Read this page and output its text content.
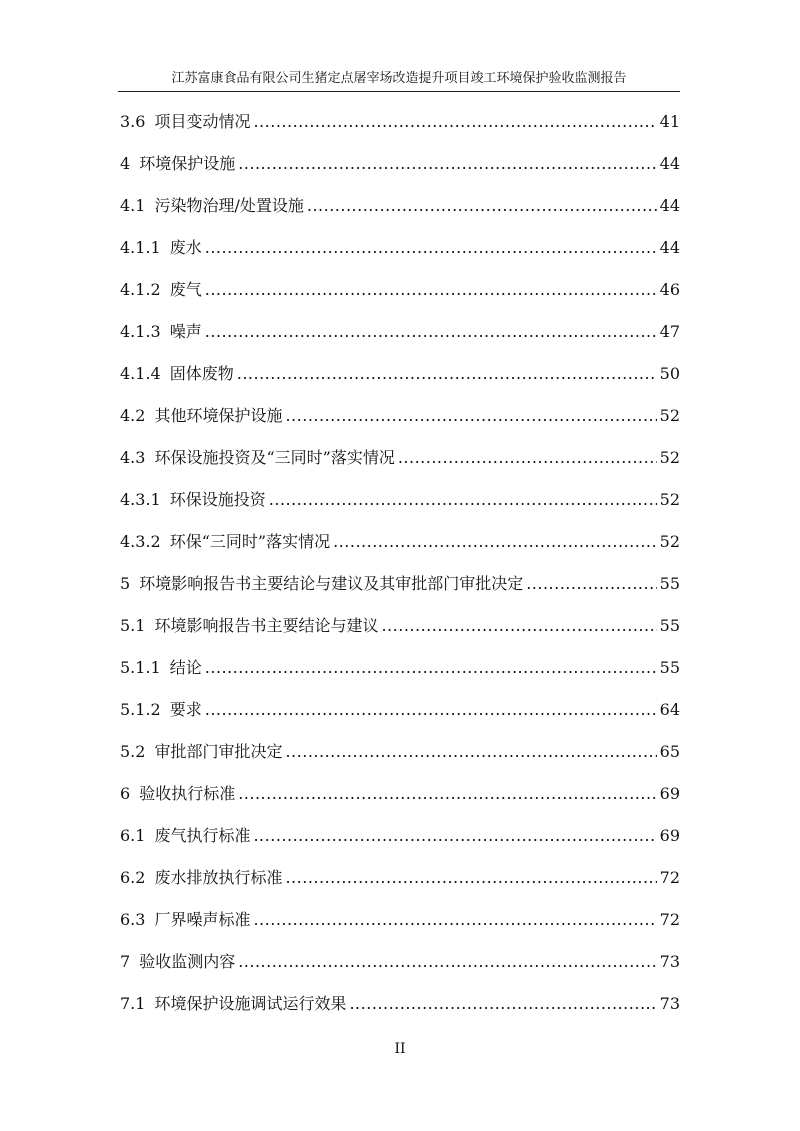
江苏富康食品有限公司生猪定点屠宰场改造提升项目竣工环境保护验收监测报告
3.6 项目变动情况 .....	41
4 环境保护设施 .....	44
4.1 污染物治理/处置设施 .....	44
4.1.1 废水 .....	44
4.1.2 废气 .....	46
4.1.3 噪声 .....	47
4.1.4 固体废物 .....	50
4.2 其他环境保护设施 .....	52
4.3 环保设施投资及“三同时”落实情况 .....	52
4.3.1 环保设施投资 .....	52
4.3.2 环保“三同时”落实情况 .....	52
5 环境影响报告书主要结论与建议及其审批部门审批决定 .....	55
5.1 环境影响报告书主要结论与建议 .....	55
5.1.1 结论 .....	55
5.1.2 要求 .....	64
5.2 审批部门审批决定 .....	65
6 验收执行标准 .....	69
6.1 废气执行标准 .....	69
6.2 废水排放执行标准 .....	72
6.3 厂界噪声标准 .....	72
7 验收监测内容 .....	73
7.1 环境保护设施调试运行效果 .....	73
II
